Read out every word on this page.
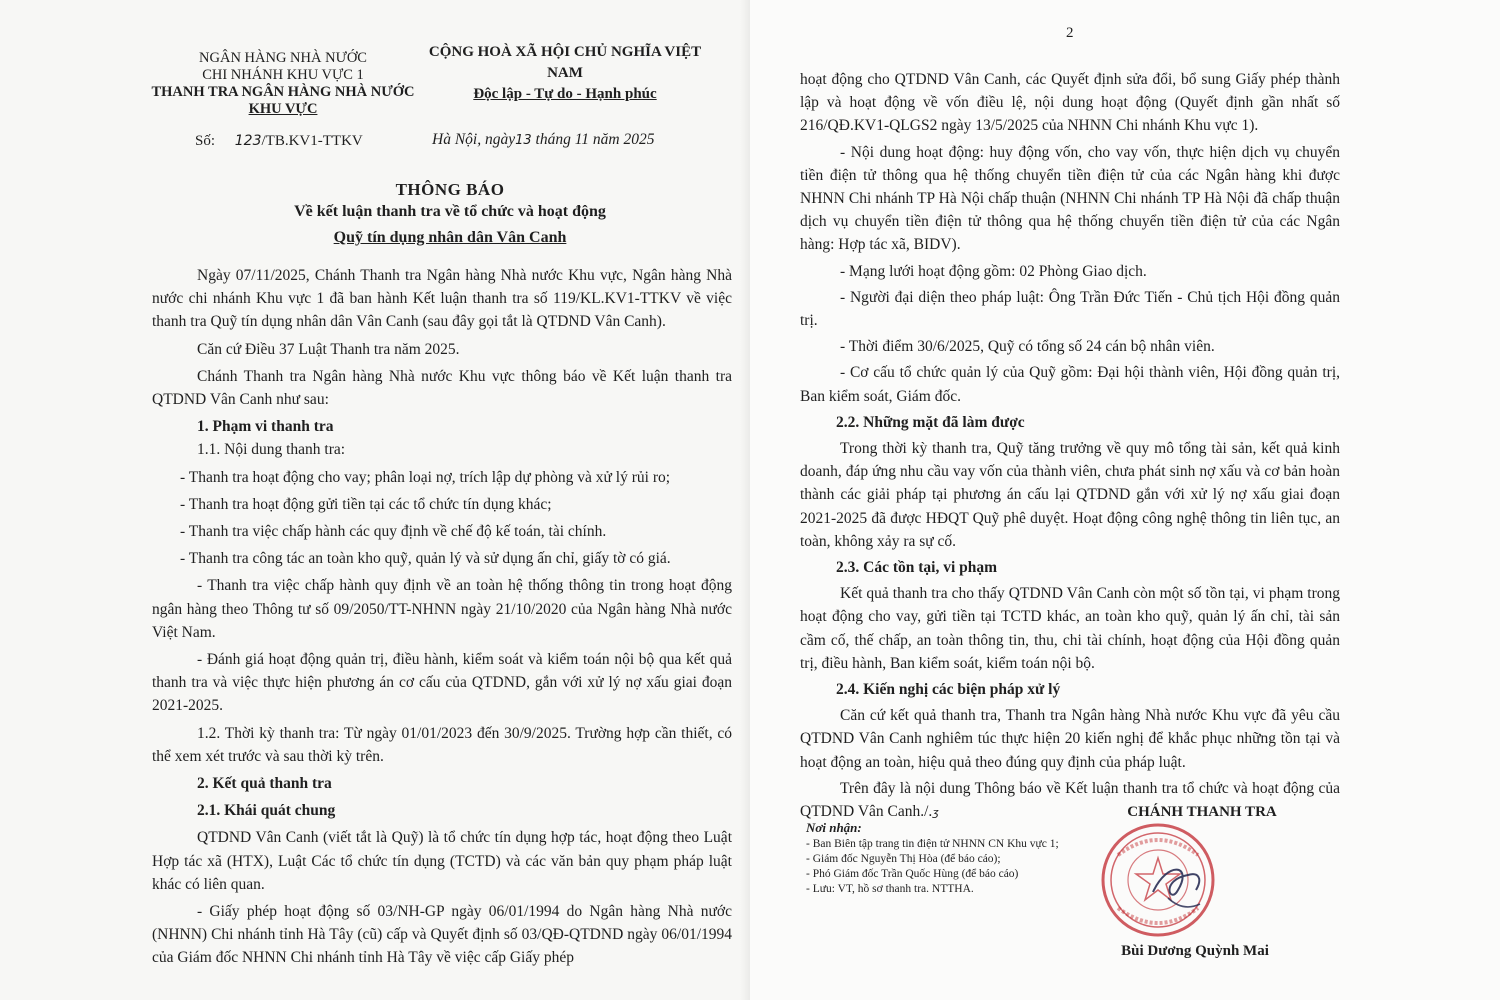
NGÂN HÀNG NHÀ NƯỚC
CHI NHÁNH KHU VỰC 1
THANH TRA NGÂN HÀNG NHÀ NƯỚC
KHU VỰC
CỘNG HOÀ XÃ HỘI CHỦ NGHĨA VIỆT NAM
Độc lập - Tự do - Hạnh phúc
Số: 123/TB.KV1-TTKV	Hà Nội, ngày13 tháng 11 năm 2025
THÔNG BÁO
Về kết luận thanh tra về tổ chức và hoạt động
Quỹ tín dụng nhân dân Vân Canh

Ngày 07/11/2025, Chánh Thanh tra Ngân hàng Nhà nước Khu vực, Ngân hàng Nhà nước chi nhánh Khu vực 1 đã ban hành Kết luận thanh tra số 119/KL.KV1-TTKV về việc thanh tra Quỹ tín dụng nhân dân Vân Canh (sau đây gọi tắt là QTDND Vân Canh).

Căn cứ Điều 37 Luật Thanh tra năm 2025.

Chánh Thanh tra Ngân hàng Nhà nước Khu vực thông báo về Kết luận thanh tra QTDND Vân Canh như sau:

1. Phạm vi thanh tra

1.1. Nội dung thanh tra:

- Thanh tra hoạt động cho vay; phân loại nợ, trích lập dự phòng và xử lý rủi ro;

- Thanh tra hoạt động gửi tiền tại các tổ chức tín dụng khác;

- Thanh tra việc chấp hành các quy định về chế độ kế toán, tài chính.

- Thanh tra công tác an toàn kho quỹ, quản lý và sử dụng ấn chỉ, giấy tờ có giá.

- Thanh tra việc chấp hành quy định về an toàn hệ thống thông tin trong hoạt động ngân hàng theo Thông tư số 09/2050/TT-NHNN ngày 21/10/2020 của Ngân hàng Nhà nước Việt Nam.

- Đánh giá hoạt động quản trị, điều hành, kiểm soát và kiểm toán nội bộ qua kết quả thanh tra và việc thực hiện phương án cơ cấu của QTDND, gắn với xử lý nợ xấu giai đoạn 2021-2025.

1.2. Thời kỳ thanh tra: Từ ngày 01/01/2023 đến 30/9/2025. Trường hợp cần thiết, có thể xem xét trước và sau thời kỳ trên.

2. Kết quả thanh tra

2.1. Khái quát chung

QTDND Vân Canh (viết tắt là Quỹ) là tổ chức tín dụng hợp tác, hoạt động theo Luật Hợp tác xã (HTX), Luật Các tổ chức tín dụng (TCTD) và các văn bản quy phạm pháp luật khác có liên quan.

- Giấy phép hoạt động số 03/NH-GP ngày 06/01/1994 do Ngân hàng Nhà nước (NHNN) Chi nhánh tỉnh Hà Tây (cũ) cấp và Quyết định số 03/QĐ-QTDND ngày 06/01/1994 của Giám đốc NHNN Chi nhánh tỉnh Hà Tây về việc cấp Giấy phép

2

hoạt động cho QTDND Vân Canh, các Quyết định sửa đổi, bổ sung Giấy phép thành lập và hoạt động về vốn điều lệ, nội dung hoạt động (Quyết định gần nhất số 216/QĐ.KV1-QLGS2 ngày 13/5/2025 của NHNN Chi nhánh Khu vực 1).

- Nội dung hoạt động: huy động vốn, cho vay vốn, thực hiện dịch vụ chuyển tiền điện tử thông qua hệ thống chuyển tiền điện tử của các Ngân hàng khi được NHNN Chi nhánh TP Hà Nội chấp thuận (NHNN Chi nhánh TP Hà Nội đã chấp thuận dịch vụ chuyển tiền điện tử thông qua hệ thống chuyển tiền điện tử của các Ngân hàng: Hợp tác xã, BIDV).

- Mạng lưới hoạt động gồm: 02 Phòng Giao dịch.

- Người đại diện theo pháp luật: Ông Trần Đức Tiến - Chủ tịch Hội đồng quản trị.

- Thời điểm 30/6/2025, Quỹ có tổng số 24 cán bộ nhân viên.

- Cơ cấu tổ chức quản lý của Quỹ gồm: Đại hội thành viên, Hội đồng quản trị, Ban kiểm soát, Giám đốc.

2.2. Những mặt đã làm được

Trong thời kỳ thanh tra, Quỹ tăng trưởng về quy mô tổng tài sản, kết quả kinh doanh, đáp ứng nhu cầu vay vốn của thành viên, chưa phát sinh nợ xấu và cơ bản hoàn thành các giải pháp tại phương án cấu lại QTDND gắn với xử lý nợ xấu giai đoạn 2021-2025 đã được HĐQT Quỹ phê duyệt. Hoạt động công nghệ thông tin liên tục, an toàn, không xảy ra sự cố.

2.3. Các tồn tại, vi phạm

Kết quả thanh tra cho thấy QTDND Vân Canh còn một số tồn tại, vi phạm trong hoạt động cho vay, gửi tiền tại TCTD khác, an toàn kho quỹ, quản lý ấn chỉ, tài sản cầm cố, thế chấp, an toàn thông tin, thu, chi tài chính, hoạt động của Hội đồng quản trị, điều hành, Ban kiểm soát, kiểm toán nội bộ.

2.4. Kiến nghị các biện pháp xử lý

Căn cứ kết quả thanh tra, Thanh tra Ngân hàng Nhà nước Khu vực đã yêu cầu QTDND Vân Canh nghiêm túc thực hiện 20 kiến nghị để khắc phục những tồn tại và hoạt động an toàn, hiệu quả theo đúng quy định của pháp luật.

Trên đây là nội dung Thông báo về Kết luận thanh tra tổ chức và hoạt động của QTDND Vân Canh./.ʒ

Nơi nhận:
- Ban Biên tập trang tin điện tử NHNN CN Khu vực 1;
- Giám đốc Nguyễn Thị Hòa (để báo cáo);
- Phó Giám đốc Trần Quốc Hùng (để báo cáo)
- Lưu: VT, hồ sơ thanh tra. NTTHA.
CHÁNH THANH TRA
Bùi Dương Quỳnh Mai
